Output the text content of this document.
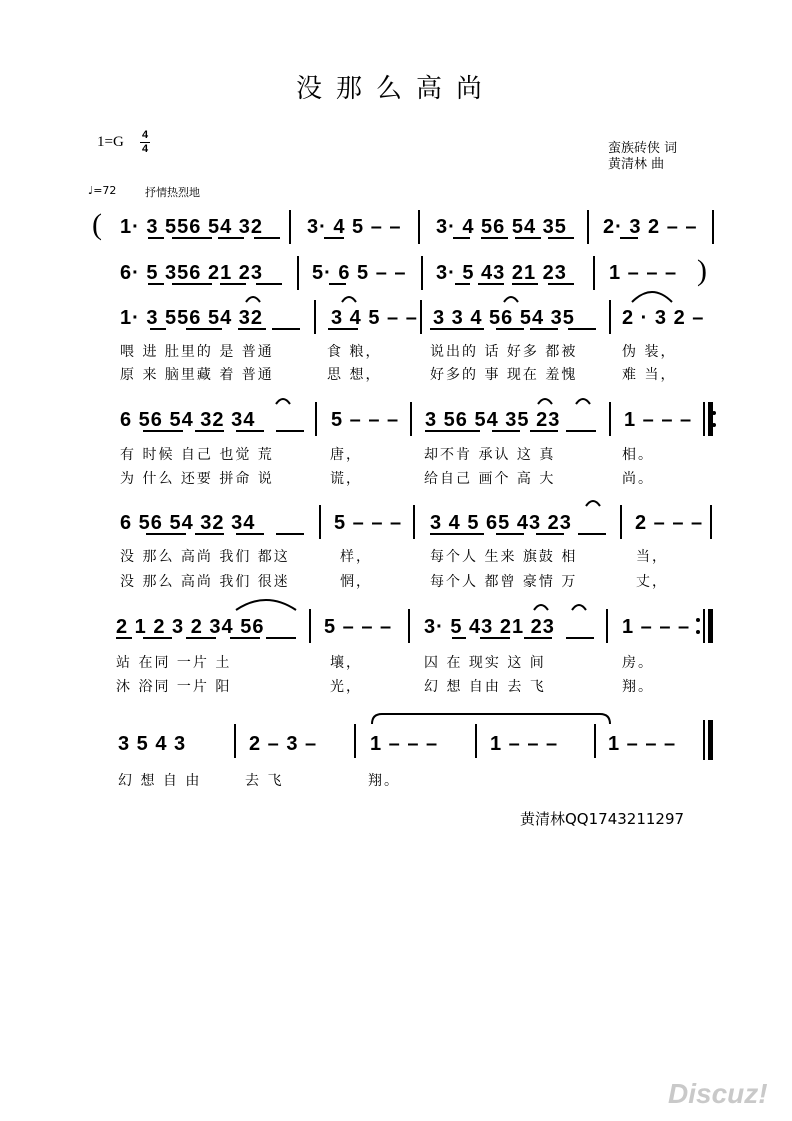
没那么高尚
1=G 4
4	蛮族砖侠 词
黄清林 曲
♩=72	抒情热烈地
( 1· 3 556 54 32 3· 4 5 – – 3· 4 56 54 35 2· 3 2 – –
6· 5 356 21 23 5· 6 5 – – 3· 5 43 21 23 1 – – – )
1· 3 556 54 32	3 4 5 – – 3 3 4 56 54 35 2 · 3 2 –
喂 进 肚里的 是 普通	食 粮，	说出的 话 好多 都被	伪 装，
原 来 脑里藏 着 普通	思 想，	好多的 事 现在 羞愧	难 当，
6 56 54 32 34	5 – – – 3 56 54 35 23	1 – – –
有 时候 自己 也觉 荒	唐，	却不肯 承认 这 真	相。
为 什么 还要 拼命 说	谎，	给自己 画个 高 大	尚。
6 56 54 32 34	5 – – – 3 4 5 65 43 23	2 – – –
没 那么 高尚 我们 都这	样，	每个人 生来 旗鼓 相	当，
没 那么 高尚 我们 很迷	惘，	每个人 都曾 豪情 万	丈，
2 1 2 3 2 34 56	5 – – – 3· 5 43 21 23	1 – – –
站 在同 一片 土	壤，	囚 在 现实 这 间	房。
沐 浴同 一片 阳	光，	幻 想 自由 去 飞	翔。
3 5 4 3	2 – 3 –	1 – – –	1 – – – 1 – – –
幻 想 自 由	去 飞	翔。
黄清林QQ1743211297
Discuz!
